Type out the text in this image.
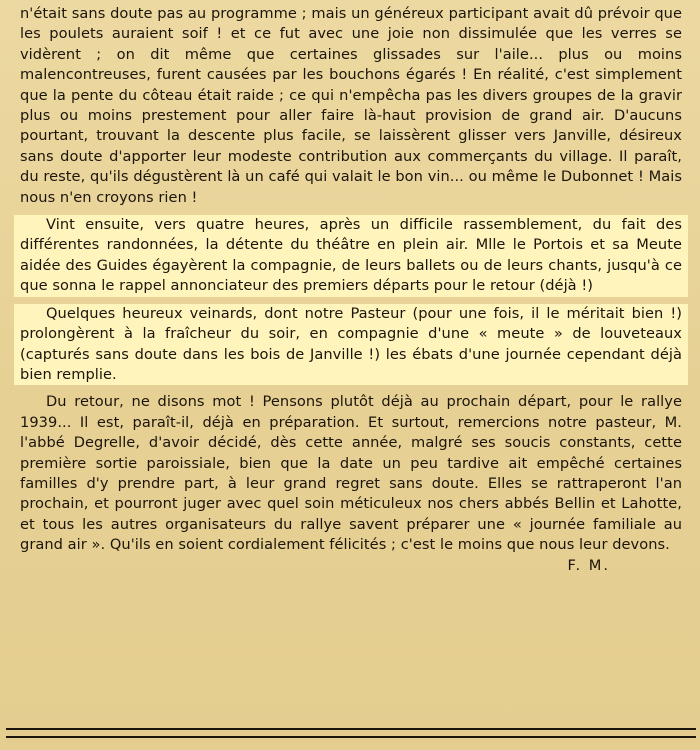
n'était sans doute pas au programme ; mais un généreux participant avait dû prévoir que les poulets auraient soif ! et ce fut avec une joie non dissimulée que les verres se vidèrent ; on dit même que certaines glissades sur l'aile... plus ou moins malencontreuses, furent causées par les bouchons égarés ! En réalité, c'est simplement que la pente du côteau était raide ; ce qui n'empêcha pas les divers groupes de la gravir plus ou moins prestement pour aller faire là-haut provision de grand air. D'aucuns pourtant, trouvant la descente plus facile, se laissèrent glisser vers Janville, désireux sans doute d'apporter leur modeste contribution aux commerçants du village. Il paraît, du reste, qu'ils dégustèrent là un café qui valait le bon vin... ou même le Dubonnet ! Mais nous n'en croyons rien !

Vint ensuite, vers quatre heures, après un difficile rassemblement, du fait des différentes randonnées, la détente du théâtre en plein air. Mlle le Portois et sa Meute aidée des Guides égayèrent la compagnie, de leurs ballets ou de leurs chants, jusqu'à ce que sonna le rappel annonciateur des premiers départs pour le retour (déjà !)

Quelques heureux veinards, dont notre Pasteur (pour une fois, il le méritait bien !) prolongèrent à la fraîcheur du soir, en compagnie d'une « meute » de louveteaux (capturés sans doute dans les bois de Janville !) les ébats d'une journée cependant déjà bien remplie.

Du retour, ne disons mot ! Pensons plutôt déjà au prochain départ, pour le rallye 1939... Il est, paraît-il, déjà en préparation. Et surtout, remercions notre pasteur, M. l'abbé Degrelle, d'avoir décidé, dès cette année, malgré ses soucis constants, cette première sortie paroissiale, bien que la date un peu tardive ait empêché certaines familles d'y prendre part, à leur grand regret sans doute. Elles se rattraperont l'an prochain, et pourront juger avec quel soin méticuleux nos chers abbés Bellin et Lahotte, et tous les autres organisateurs du rallye savent préparer une « journée familiale au grand air ». Qu'ils en soient cordialement félicités ; c'est le moins que nous leur devons.
F. M.
